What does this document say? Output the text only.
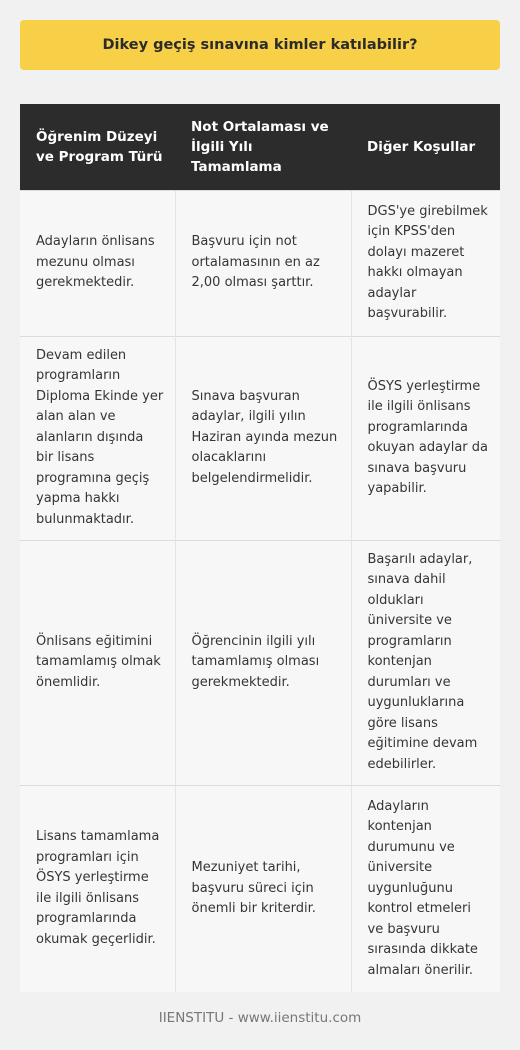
Dikey geçiş sınavına kimler katılabilir?
Öğrenim Düzeyi ve Program Türü	Not Ortalaması ve İlgili Yılı Tamamlama	Diğer Koşullar
Adayların önlisans mezunu olması gerekmektedir.	Başvuru için not ortalamasının en az 2,00 olması şarttır.	DGS'ye girebilmek için KPSS'den dolayı mazeret hakkı olmayan adaylar başvurabilir.
Devam edilen programların Diploma Ekinde yer alan alan ve alanların dışında bir lisans programına geçiş yapma hakkı bulunmaktadır.	Sınava başvuran adaylar, ilgili yılın Haziran ayında mezun olacaklarını belgelendirmelidir.	ÖSYS yerleştirme ile ilgili önlisans programlarında okuyan adaylar da sınava başvuru yapabilir.
Önlisans eğitimini tamamlamış olmak önemlidir.	Öğrencinin ilgili yılı tamamlamış olması gerekmektedir.	Başarılı adaylar, sınava dahil oldukları üniversite ve programların kontenjan durumları ve uygunluklarına göre lisans eğitimine devam edebilirler.
Lisans tamamlama programları için ÖSYS yerleştirme ile ilgili önlisans programlarında okumak geçerlidir.	Mezuniyet tarihi, başvuru süreci için önemli bir kriterdir.	Adayların kontenjan durumunu ve üniversite uygunluğunu kontrol etmeleri ve başvuru sırasında dikkate almaları önerilir.
IIENSTITU - www.iienstitu.com
